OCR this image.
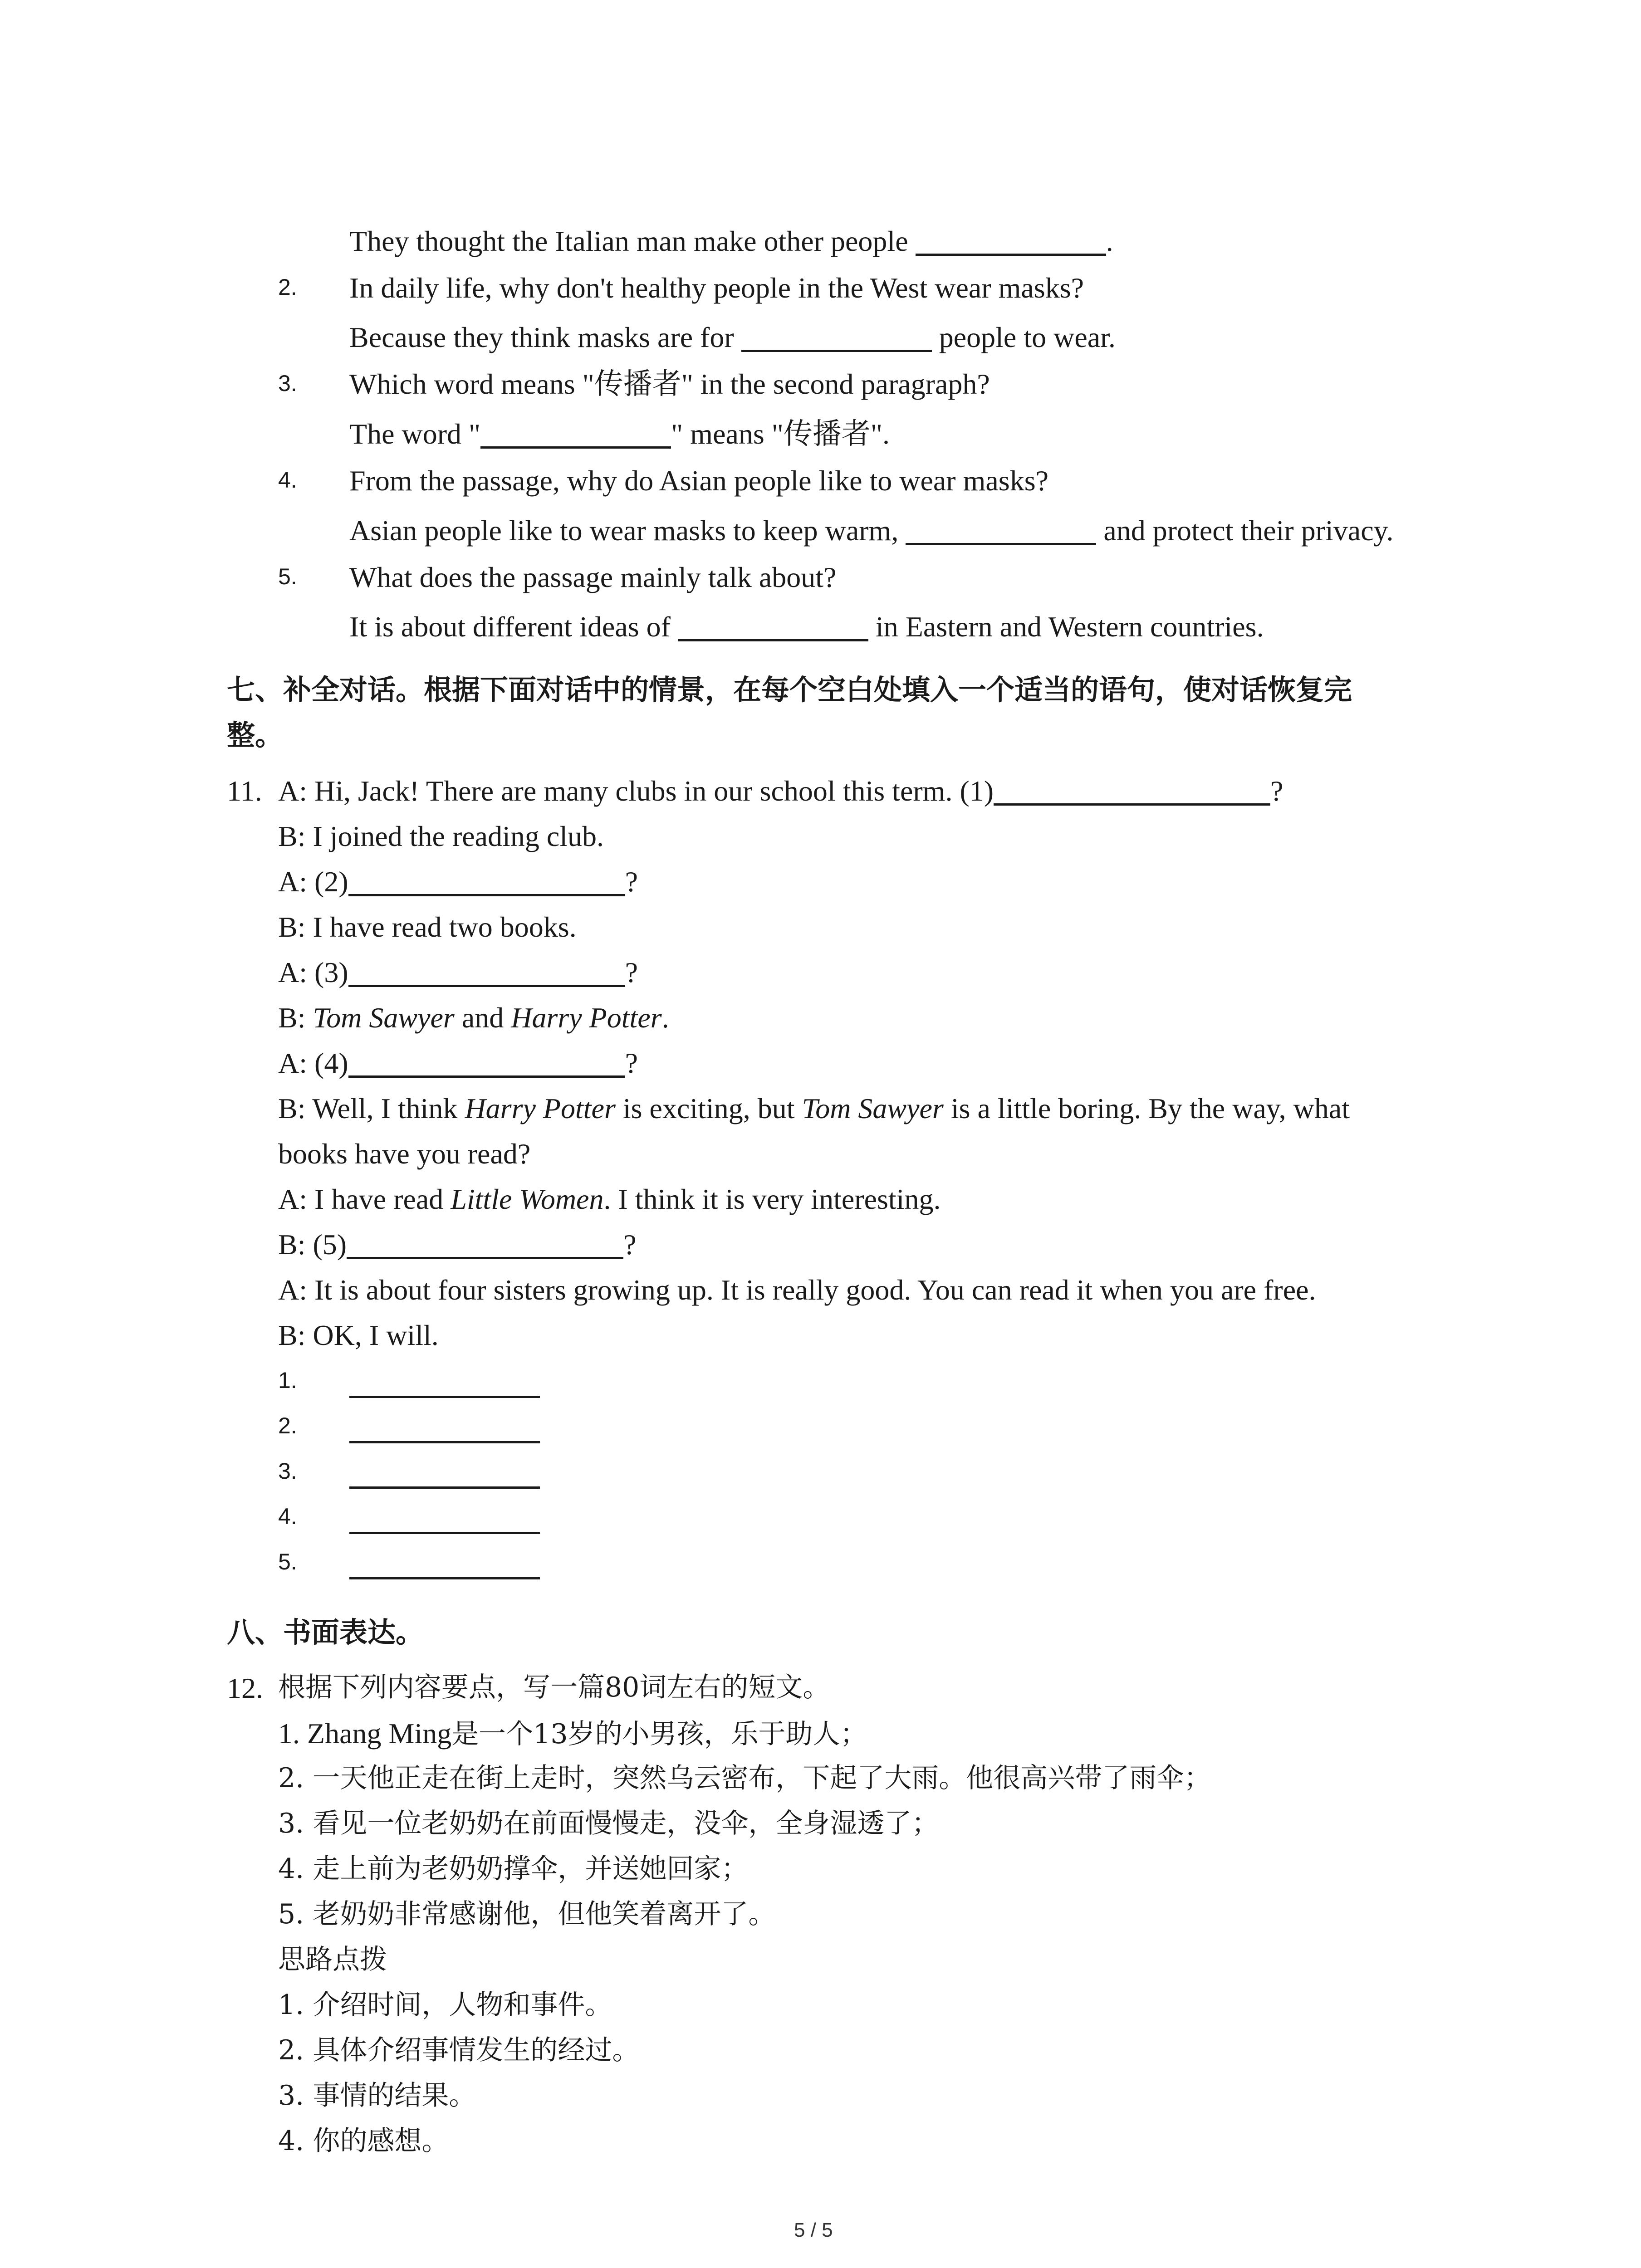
They thought the Italian man make other people	.
2. In daily life, why don't healthy people in the West wear masks?
Because they think masks are for	people to wear.
3. Which word means "传播者" in the second paragraph?
The word "	" means "传播者".
4. From the passage, why do Asian people like to wear masks?
Asian people like to wear masks to keep warm,	and protect their privacy.
5. What does the passage mainly talk about?
It is about different ideas of	in Eastern and Western countries.
七、补全对话。根据下面对话中的情景，在每个空白处填入一个适当的语句，使对话恢复完
整。
11. A: Hi, Jack! There are many clubs in our school this term. (1)	?
B: I joined the reading club.
A: (2)	?
B: I have read two books.
A: (3)	?
B: Tom Sawyer and Harry Potter.
A: (4)	?
B: Well, I think Harry Potter is exciting, but Tom Sawyer is a little boring. By the way, what
books have you read?
A: I have read Little Women. I think it is very interesting.
B: (5)	?
A: It is about four sisters growing up. It is really good. You can read it when you are free.
B: OK, I will.
1.
2.
3.
4.
5.
八、书面表达。
12. 根据下列内容要点，写一篇80词左右的短文。
1. Zhang Ming是一个13岁的小男孩，乐于助人；
2. 一天他正走在街上走时，突然乌云密布，下起了大雨。他很高兴带了雨伞；
3. 看见一位老奶奶在前面慢慢走，没伞，全身湿透了；
4. 走上前为老奶奶撑伞，并送她回家；
5. 老奶奶非常感谢他，但他笑着离开了。
思路点拨
1. 介绍时间，人物和事件。
2. 具体介绍事情发生的经过。
3. 事情的结果。
4. 你的感想。
5 / 5
